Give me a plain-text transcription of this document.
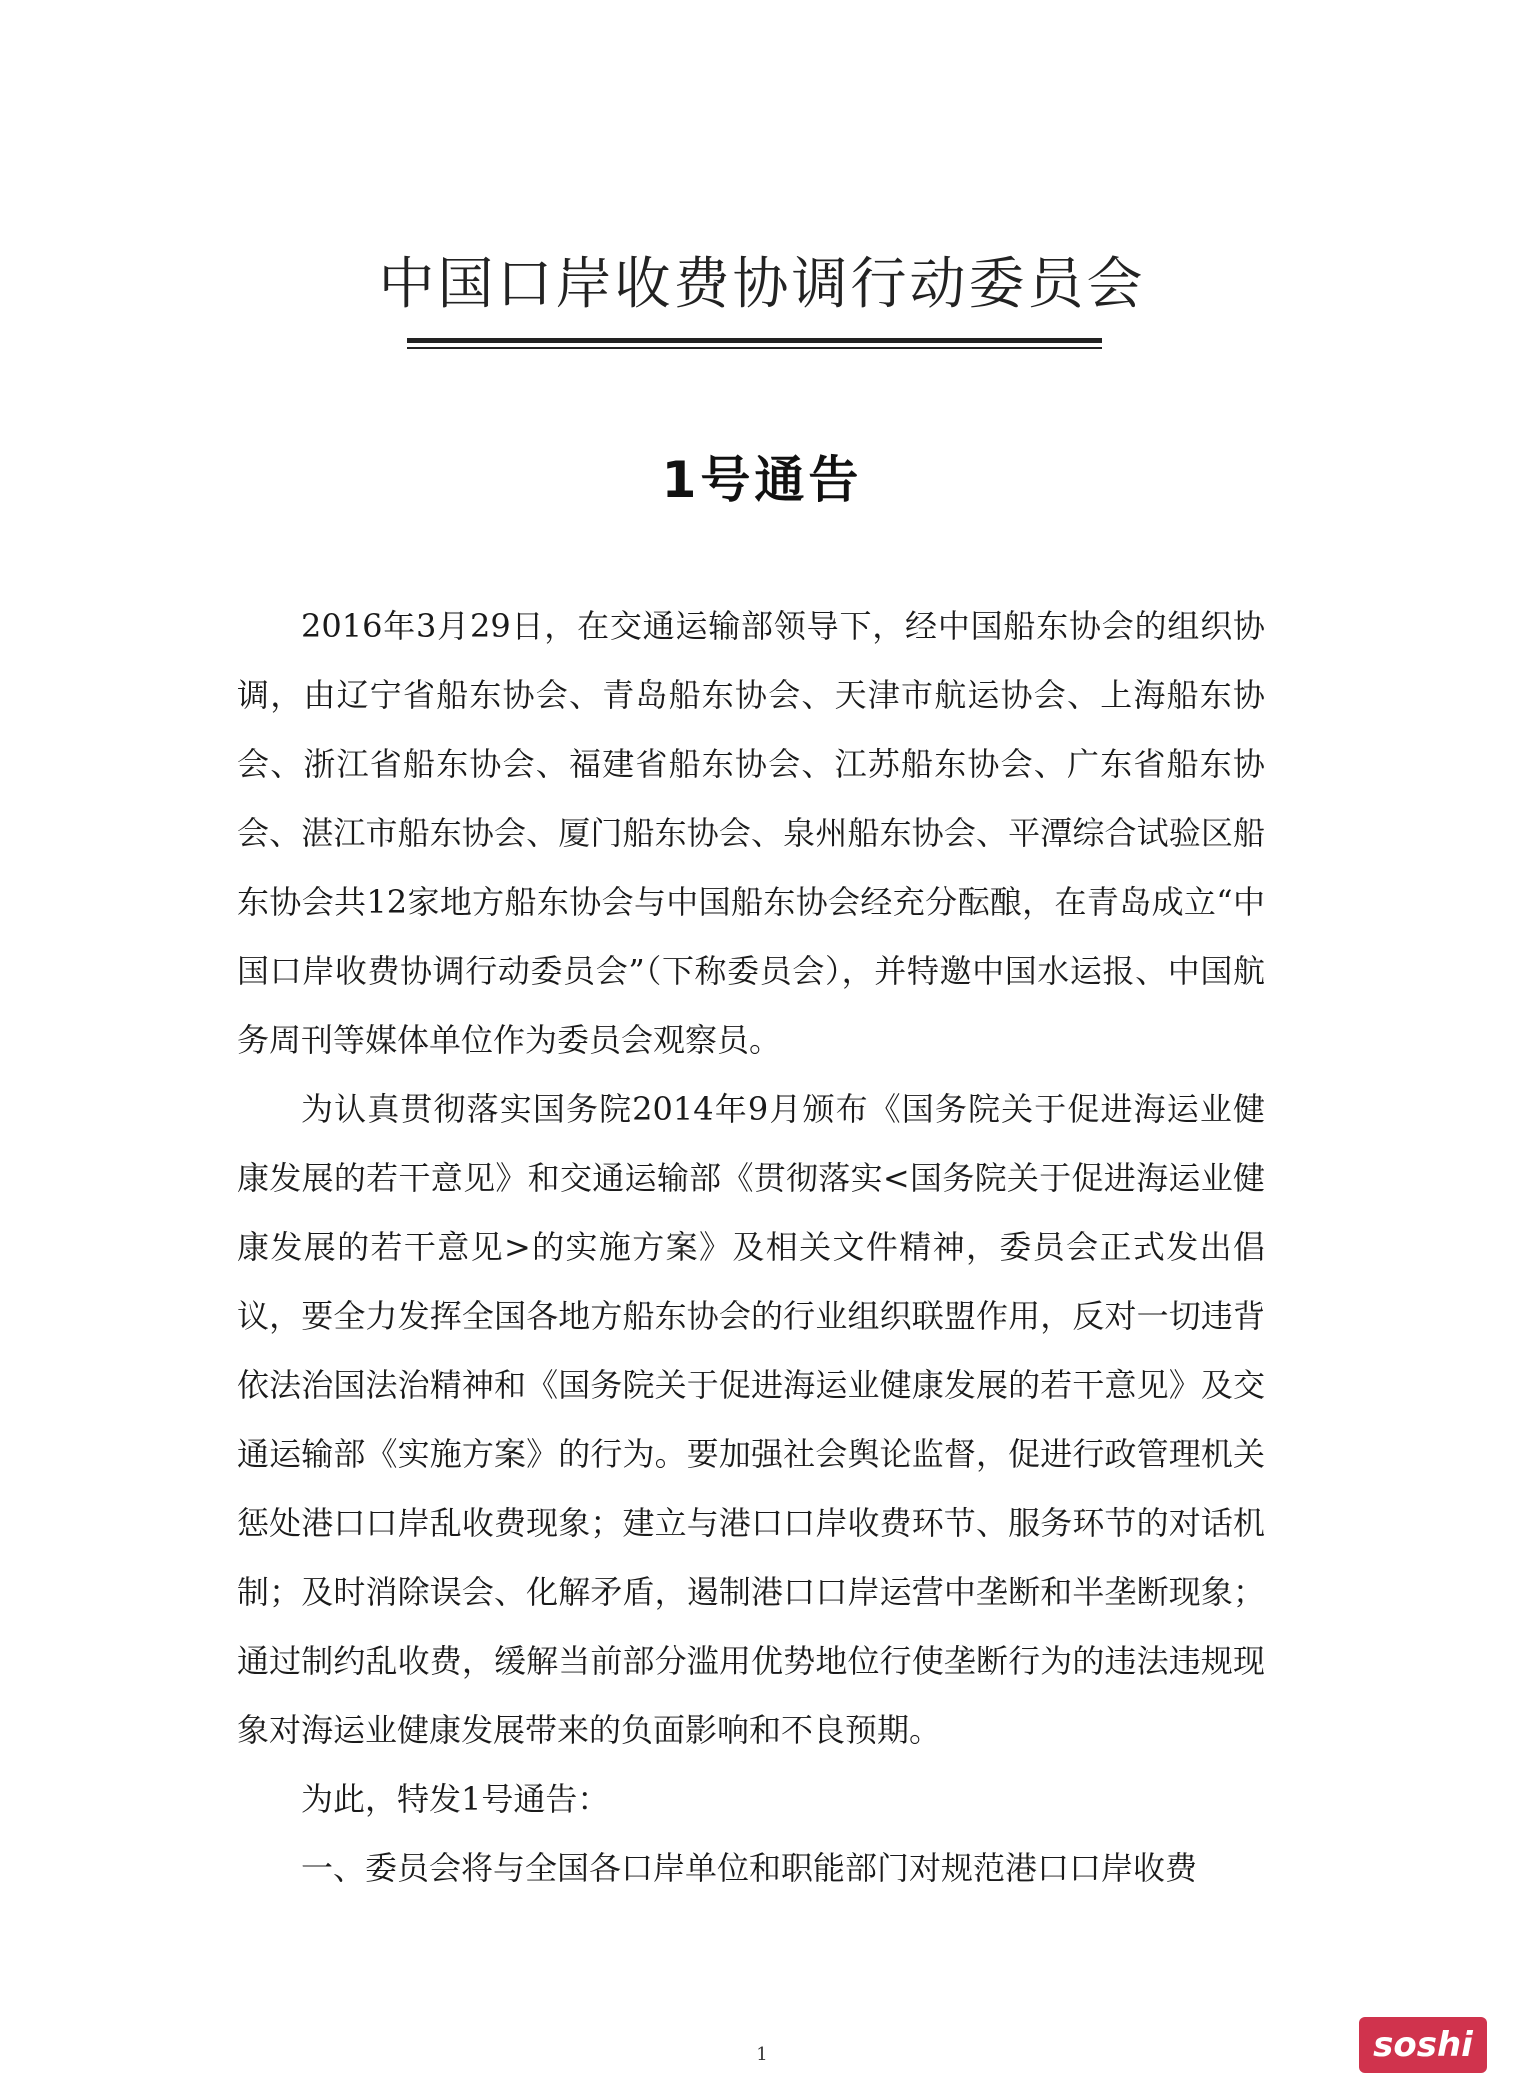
中国口岸收费协调行动委员会
1号通告

2016年3月29日，在交通运输部领导下，经中国船东协会的组织协调，由辽宁省船东协会、青岛船东协会、天津市航运协会、上海船东协会、浙江省船东协会、福建省船东协会、江苏船东协会、广东省船东协会、湛江市船东协会、厦门船东协会、泉州船东协会、平潭综合试验区船东协会共12家地方船东协会与中国船东协会经充分酝酿，在青岛成立“中国口岸收费协调行动委员会”（下称委员会），并特邀中国水运报、中国航务周刊等媒体单位作为委员会观察员。

为认真贯彻落实国务院2014年9月颁布《国务院关于促进海运业健康发展的若干意见》和交通运输部《贯彻落实<国务院关于促进海运业健康发展的若干意见>的实施方案》及相关文件精神，委员会正式发出倡议，要全力发挥全国各地方船东协会的行业组织联盟作用，反对一切违背依法治国法治精神和《国务院关于促进海运业健康发展的若干意见》及交通运输部《实施方案》的行为。要加强社会舆论监督，促进行政管理机关惩处港口口岸乱收费现象；建立与港口口岸收费环节、服务环节的对话机制；及时消除误会、化解矛盾，遏制港口口岸运营中垄断和半垄断现象；通过制约乱收费，缓解当前部分滥用优势地位行使垄断行为的违法违规现象对海运业健康发展带来的负面影响和不良预期。

为此，特发1号通告：

一、委员会将与全国各口岸单位和职能部门对规范港口口岸收费

1	soshi
